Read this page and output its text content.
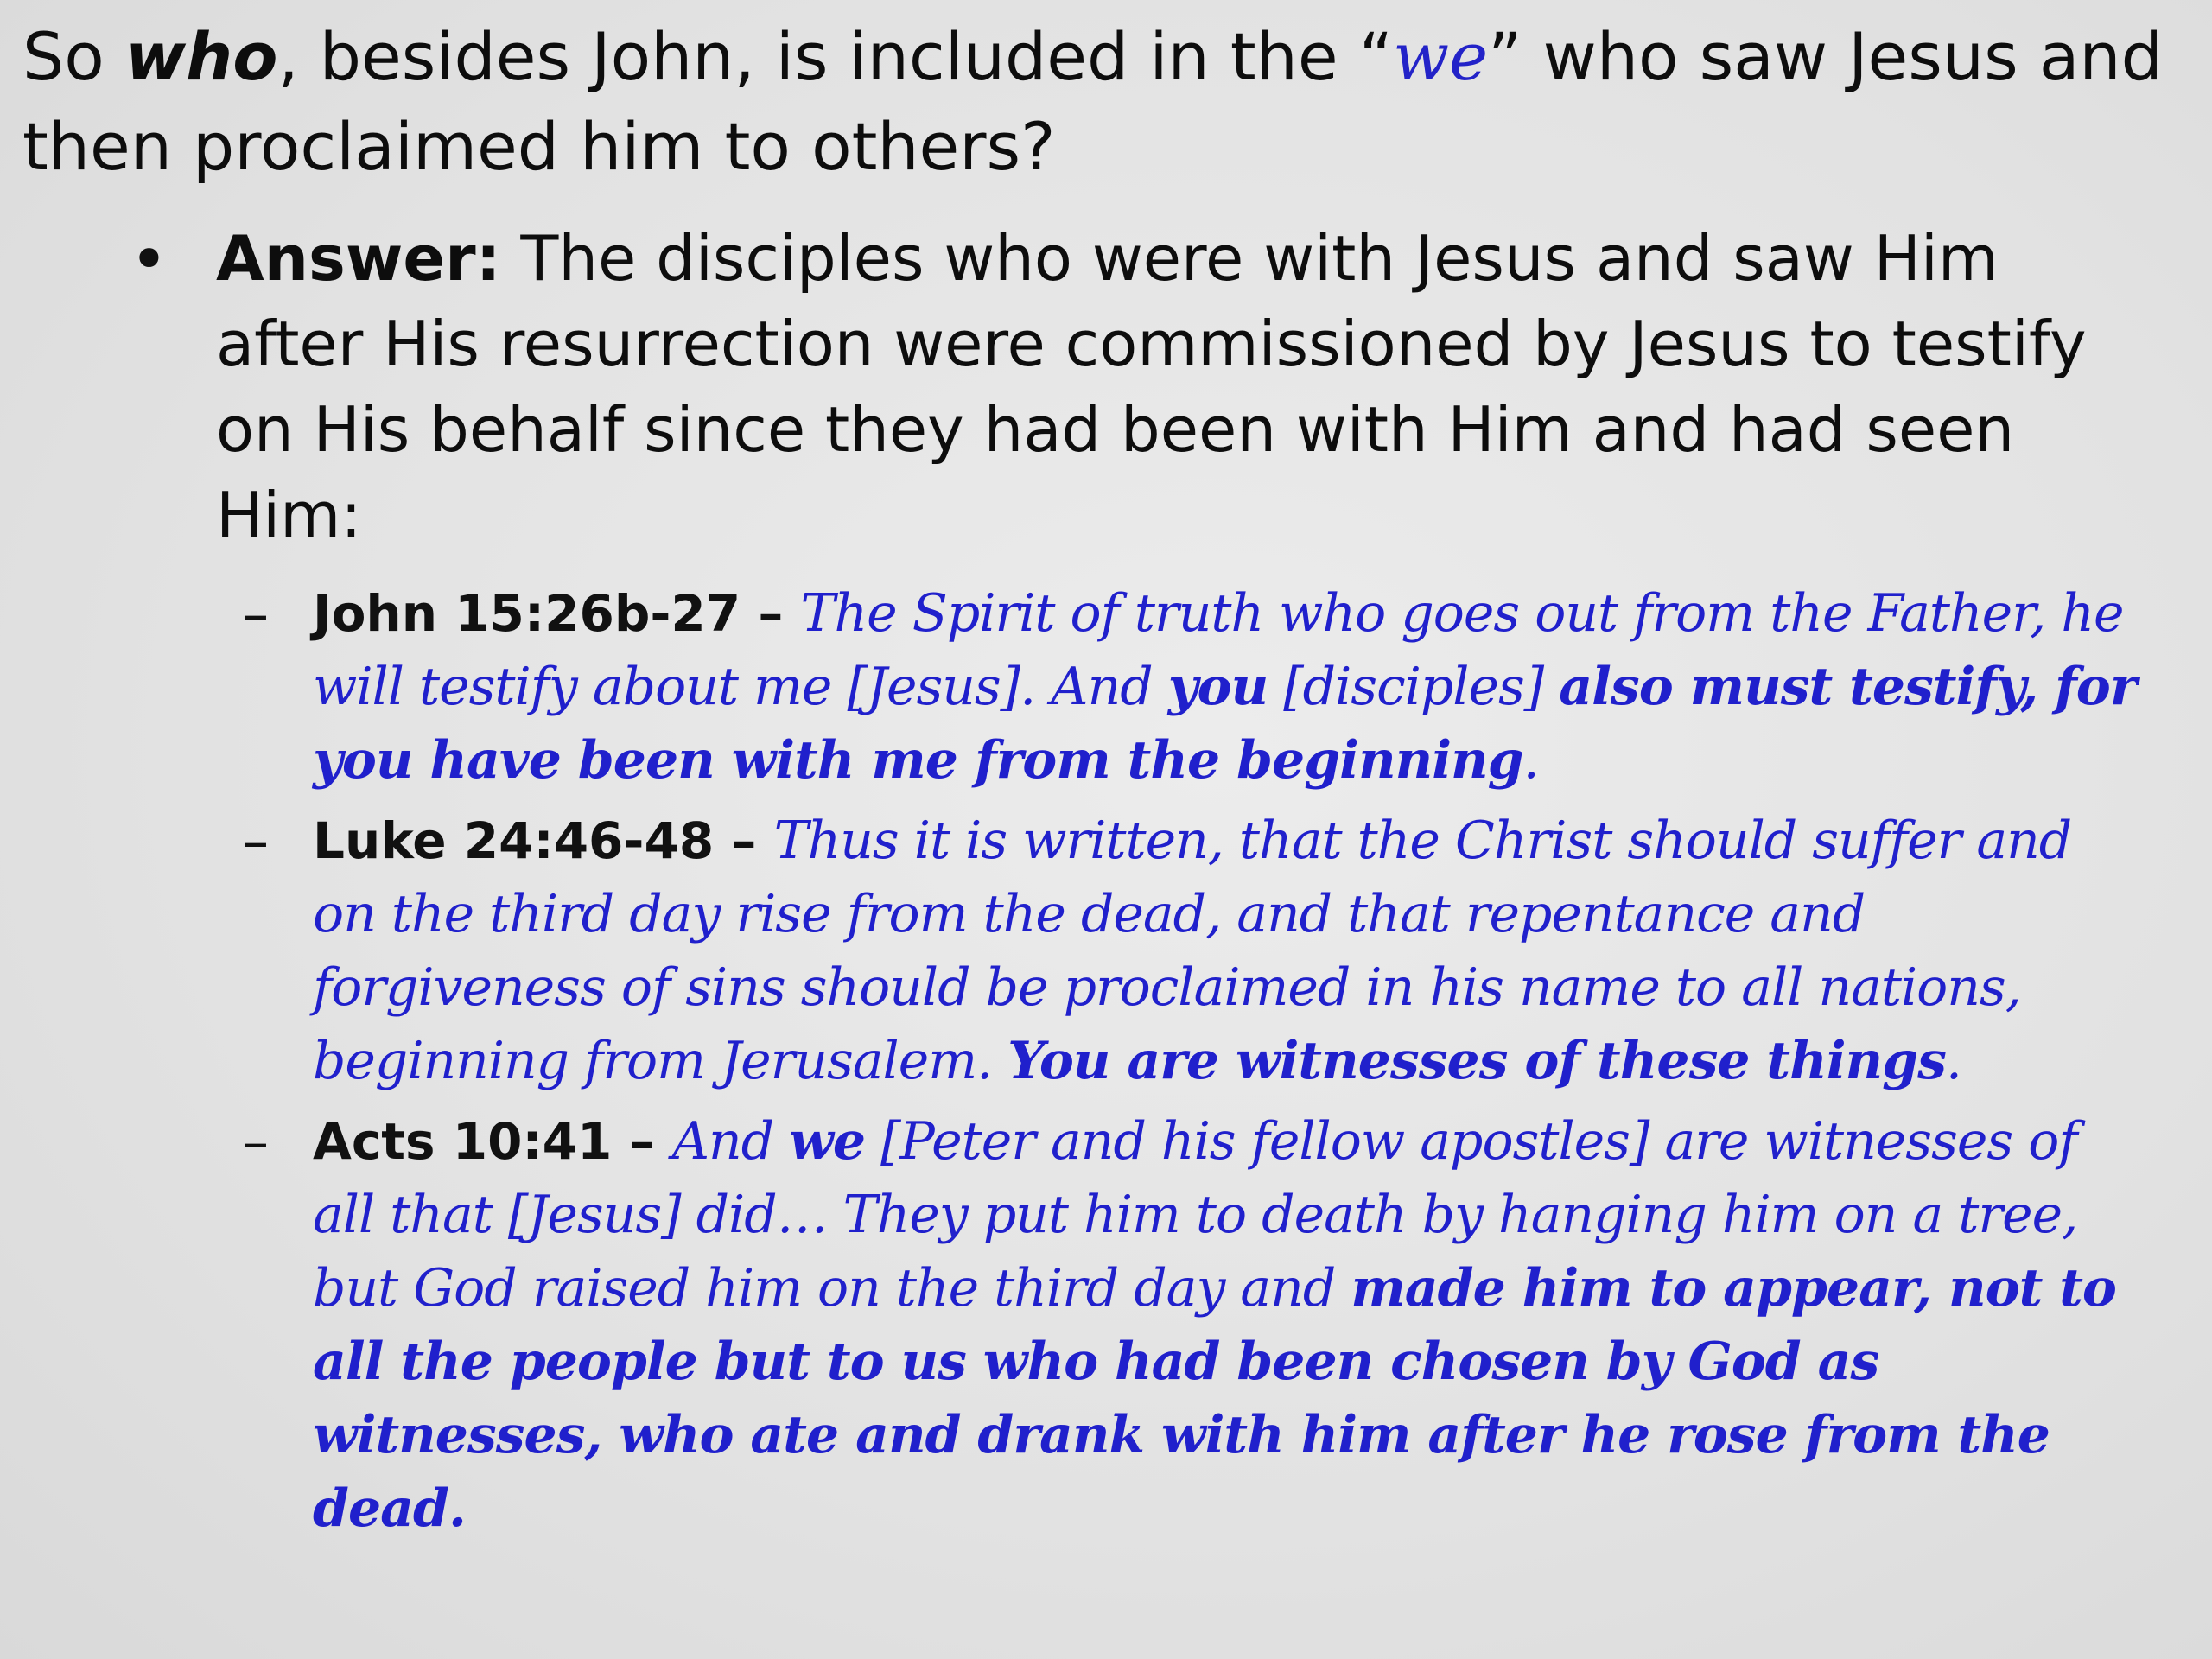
So who, besides John, is included in the “we” who saw Jesus and then proclaimed him to others?
• Answer: The disciples who were with Jesus and saw Him after His resurrection were commissioned by Jesus to testify on His behalf since they had been with Him and had seen Him:
– John 15:26b-27 – The Spirit of truth who goes out from the Father, he will testify about me [Jesus]. And you [disciples] also must testify, for you have been with me from the beginning.
– Luke 24:46-48 – Thus it is written, that the Christ should suffer and on the third day rise from the dead, and that repentance and forgiveness of sins should be proclaimed in his name to all nations, beginning from Jerusalem. You are witnesses of these things.
– Acts 10:41 – And we [Peter and his fellow apostles] are witnesses of all that [Jesus] did… They put him to death by hanging him on a tree, but God raised him on the third day and made him to appear, not to all the people but to us who had been chosen by God as witnesses, who ate and drank with him after he rose from the dead.
